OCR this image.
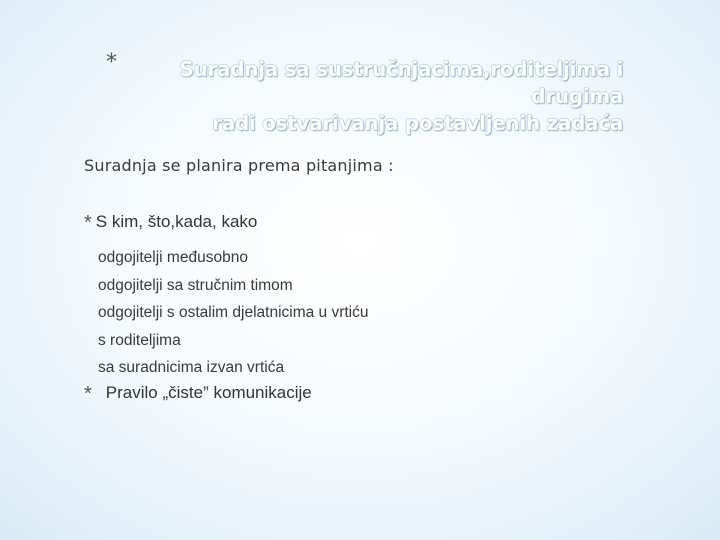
*	Suradnja sa sustručnjacima,roditeljima i drugima
radi ostvarivanja postavljenih zadaća
Suradnja se planira prema pitanjima :
* S kim, što,kada, kako
odgojitelji međusobno
odgojitelji sa stručnim timom
odgojitelji s ostalim djelatnicima u vrtiću
s roditeljima
sa suradnicima izvan vrtića
* Pravilo „čiste” komunikacije
